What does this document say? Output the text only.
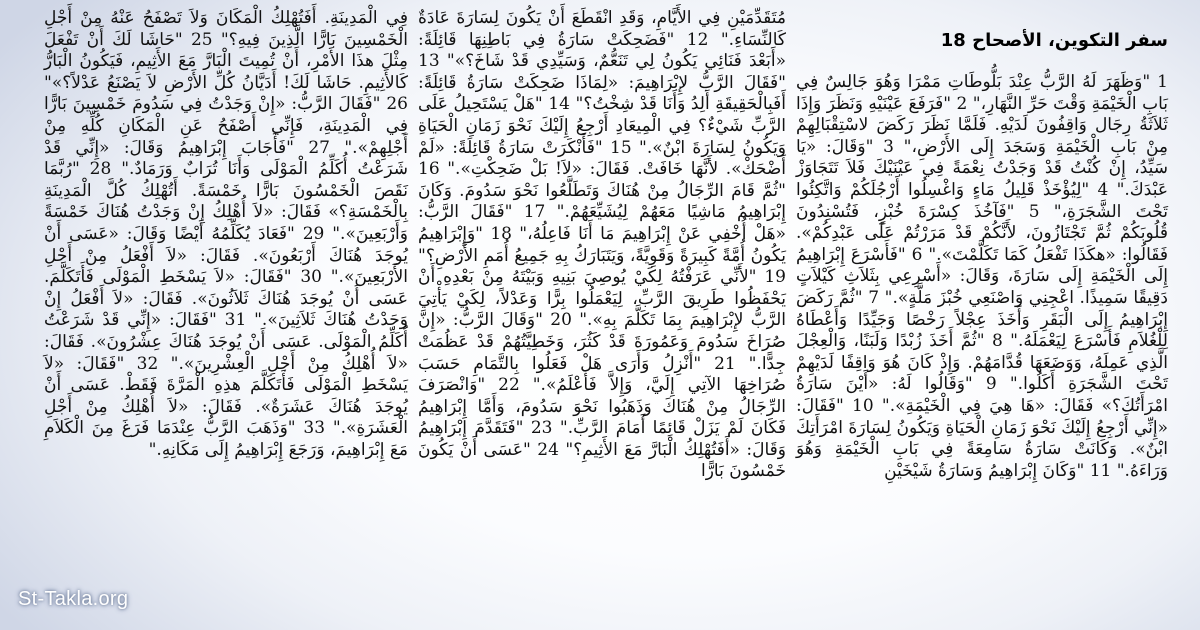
سفر التكوين، الأصحاح 18
1 "وَظَهَرَ لَهُ الرَّبُّ عِنْدَ بَلُّوطَاتِ مَمْرَا وَهُوَ جَالِسٌ فِي بَابِ الْخَيْمَةِ وَقْتَ حَرِّ النَّهَارِ،" 2 "فَرَفَعَ عَيْنَيْهِ وَنَظَرَ وَإِذَا ثَلاَثَةُ رِجَال وَاقِفُونَ لَدَيْهِ. فَلَمَّا نَظَرَ رَكَضَ لاسْتِقْبَالِهِمْ مِنْ بَابِ الْخَيْمَةِ وَسَجَدَ إِلَى الأَرْضِ،" 3 "وَقَالَ: «يَا سَيِّدُ، إِنْ كُنْتُ قَدْ وَجَدْتُ نِعْمَةً فِي عَيْنَيْكَ فَلاَ تَتَجَاوَزْ عَبْدَكَ." 4 "لِيُؤْخَذْ قَلِيلُ مَاءٍ وَاغْسِلُوا أَرْجُلَكُمْ وَاتَّكِئُوا تَحْتَ الشَّجَرَةِ،" 5 "فَآخُذَ كِسْرَةَ خُبْزٍ، فَتُسْنِدُونَ قُلُوبَكُمْ ثُمَّ تَجْتَازُونَ، لأَنَّكُمْ قَدْ مَرَرْتُمْ عَلَى عَبْدِكُمْ». فَقَالُوا: «هكَذَا تَفْعَلُ كَمَا تَكَلَّمْتَ»." 6 "فَأَسْرَعَ إِبْرَاهِيمُ إِلَى الْخَيْمَةِ إِلَى سَارَةَ، وَقَالَ: «أَسْرِعِي بِثَلاَثِ كَيْلاَتٍ دَقِيقًا سَمِيذًا. اعْجِنِي وَاصْنَعِي خُبْزَ مَلَّةٍ»." 7 "ثُمَّ رَكَضَ إِبْرَاهِيمُ إِلَى الْبَقَرِ وَأَخَذَ عِجْلاً رَخْصًا وَجَيِّدًا وَأَعْطَاهُ لِلْغُلاَمِ فَأَسْرَعَ لِيَعْمَلَهُ." 8 "ثُمَّ أَخَذَ زُبْدًا وَلَبَنًا، وَالْعِجْلَ الَّذِي عَمِلَهُ، وَوَضَعَهَا قُدَّامَهُمْ. وَإِذْ كَانَ هُوَ وَاقِفًا لَدَيْهِمْ تَحْتَ الشَّجَرَةِ أَكَلُوا." 9 "وَقَالُوا لَهُ: «أَيْنَ سَارَةُ امْرَأَتُكَ؟» فَقَالَ: «هَا هِيَ فِي الْخَيْمَةِ»." 10 "فَقَالَ: «إِنِّي أَرْجِعُ إِلَيْكَ نَحْوَ زَمَانِ الْحَيَاةِ وَيَكُونُ لِسَارَةَ امْرَأَتِكَ ابْنٌ». وَكَانَتْ سَارَةُ سَامِعَةً فِي بَابِ الْخَيْمَةِ وَهُوَ وَرَاءَهُ." 11 "وَكَانَ إِبْرَاهِيمُ وَسَارَةُ شَيْخَيْنِ
مُتَقَدِّمَيْنِ فِي الأَيَّامِ، وَقَدِ انْقَطَعَ أَنْ يَكُونَ لِسَارَةَ عَادَةٌ كَالنِّسَاءِ." 12 "فَضَحِكَتْ سَارَةُ فِي بَاطِنِهَا قَائِلَةً: «أَبَعْدَ فَنَائِي يَكُونُ لِي تَنَعُّمٌ، وَسَيِّدِي قَدْ شَاخَ؟»" 13 "فَقَالَ الرَّبُّ لإِبْرَاهِيمَ: «لِمَاذَا ضَحِكَتْ سَارَةُ قَائِلَةً: أَفَبِالْحَقِيقَةِ أَلِدُ وَأَنَا قَدْ شِخْتُ؟" 14 "هَلْ يَسْتَحِيلُ عَلَى الرَّبِّ شَيْءٌ؟ فِي الْمِيعَادِ أَرْجِعُ إِلَيْكَ نَحْوَ زَمَانِ الْحَيَاةِ وَيَكُونُ لِسَارَةَ ابْنٌ»." 15 "فَأَنْكَرَتْ سَارَةُ قَائِلَةً: «لَمْ أَضْحَكْ». لأَنَّهَا خَافَتْ. فَقَالَ: «لاَ! بَلْ ضَحِكْتِ»." 16 "ثُمَّ قَامَ الرِّجَالُ مِنْ هُنَاكَ وَتَطَلَّعُوا نَحْوَ سَدُومَ. وَكَانَ إِبْرَاهِيمُ مَاشِيًا مَعَهُمْ لِيُشَيِّعَهُمْ." 17 "فَقَالَ الرَّبُّ: «هَلْ أُخْفِي عَنْ إِبْرَاهِيمَ مَا أَنَا فَاعِلُهُ،" 18 "وَإِبْرَاهِيمُ يَكُونُ أُمَّةً كَبِيرَةً وَقَوِيَّةً، وَيَتَبَارَكُ بِهِ جَمِيعُ أُمَمِ الأَرْضِ؟" 19 "لأَنِّي عَرَفْتُهُ لِكَيْ يُوصِيَ بَنِيهِ وَبَيْتَهُ مِنْ بَعْدِهِ أَنْ يَحْفَظُوا طَرِيقَ الرَّبِّ، لِيَعْمَلُوا بِرًّا وَعَدْلاً، لِكَيْ يَأْتِيَ الرَّبُّ لإِبْرَاهِيمَ بِمَا تَكَلَّمَ بِهِ»." 20 "وَقَالَ الرَّبُّ: «إِنَّ صُرَاخَ سَدُومَ وَعَمُورَةَ قَدْ كَثُرَ، وَخَطِيَّتُهُمْ قَدْ عَظُمَتْ جِدًّا." 21 "أَنْزِلُ وَأَرَى هَلْ فَعَلُوا بِالتَّمَامِ حَسَبَ صُرَاخِهَا الآتِي إِلَيَّ، وَإِلاَّ فَأَعْلَمُ»." 22 "وَانْصَرَفَ الرِّجَالُ مِنْ هُنَاكَ وَذَهَبُوا نَحْوَ سَدُومَ، وَأَمَّا إِبْرَاهِيمُ فَكَانَ لَمْ يَزَلْ قَائِمًا أَمَامَ الرَّبِّ." 23 "فَتَقَدَّمَ إِبْرَاهِيمُ وَقَالَ: «أَفَتُهْلِكُ الْبَارَّ مَعَ الأَثِيمِ؟" 24 "عَسَى أَنْ يَكُونَ خَمْسُونَ بَارًّا
فِي الْمَدِينَةِ. أَفَتُهْلِكُ الْمَكَانَ وَلاَ تَصْفَحُ عَنْهُ مِنْ أَجْلِ الْخَمْسِينَ بَارًّا الَّذِينَ فِيهِ؟" 25 "حَاشَا لَكَ أَنْ تَفْعَلَ مِثْلَ هذَا الأَمْرِ، أَنْ تُمِيتَ الْبَارَّ مَعَ الأَثِيمِ، فَيَكُونُ الْبَارُّ كَالأَثِيمِ. حَاشَا لَكَ! أَدَيَّانُ كُلِّ الأَرْضِ لاَ يَصْنَعُ عَدْلاً؟»" 26 "فَقَالَ الرَّبُّ: «إِنْ وَجَدْتُ فِي سَدُومَ خَمْسِينَ بَارًّا فِي الْمَدِينَةِ، فَإِنِّي أَصْفَحُ عَنِ الْمَكَانِ كُلِّهِ مِنْ أَجْلِهِمْ»." 27 "فَأَجَابَ إِبْرَاهِيمُ وَقَالَ: «إِنِّي قَدْ شَرَعْتُ أُكَلِّمُ الْمَوْلَى وَأَنَا تُرَابٌ وَرَمَادٌ." 28 "رُبَّمَا نَقَصَ الْخَمْسُونَ بَارًّا خَمْسَةً. أَتُهْلِكُ كُلَّ الْمَدِينَةِ بِالْخَمْسَةِ؟» فَقَالَ: «لاَ أُهْلِكُ إِنْ وَجَدْتُ هُنَاكَ خَمْسَةً وَأَرْبَعِينَ»." 29 "فَعَادَ يُكَلِّمُهُ أَيْضًا وَقَالَ: «عَسَى أَنْ يُوجَدَ هُنَاكَ أَرْبَعُونَ». فَقَالَ: «لاَ أَفْعَلُ مِنْ أَجْلِ الأَرْبَعِينَ»." 30 "فَقَالَ: «لاَ يَسْخَطِ الْمَوْلَى فَأَتَكَلَّمَ. عَسَى أَنْ يُوجَدَ هُنَاكَ ثَلاَثُونَ». فَقَالَ: «لاَ أَفْعَلُ إِنْ وَجَدْتُ هُنَاكَ ثَلاَثِينَ»." 31 "فَقَالَ: «إِنِّي قَدْ شَرَعْتُ أُكَلِّمُ الْمَوْلَى. عَسَى أَنْ يُوجَدَ هُنَاكَ عِشْرُونَ». فَقَالَ: «لاَ أُهْلِكُ مِنْ أَجْلِ الْعِشْرِينَ»." 32 "فَقَالَ: «لاَ يَسْخَطِ الْمَوْلَى فَأَتَكَلَّمَ هذِهِ الْمَرَّةَ فَقَطْ. عَسَى أَنْ يُوجَدَ هُنَاكَ عَشَرَةٌ». فَقَالَ: «لاَ أُهْلِكُ مِنْ أَجْلِ الْعَشَرَةِ»." 33 "وَذَهَبَ الرَّبُّ عِنْدَمَا فَرَغَ مِنَ الْكَلاَمِ مَعَ إِبْرَاهِيمَ، وَرَجَعَ إِبْرَاهِيمُ إِلَى مَكَانِهِ."
St-Takla.org
